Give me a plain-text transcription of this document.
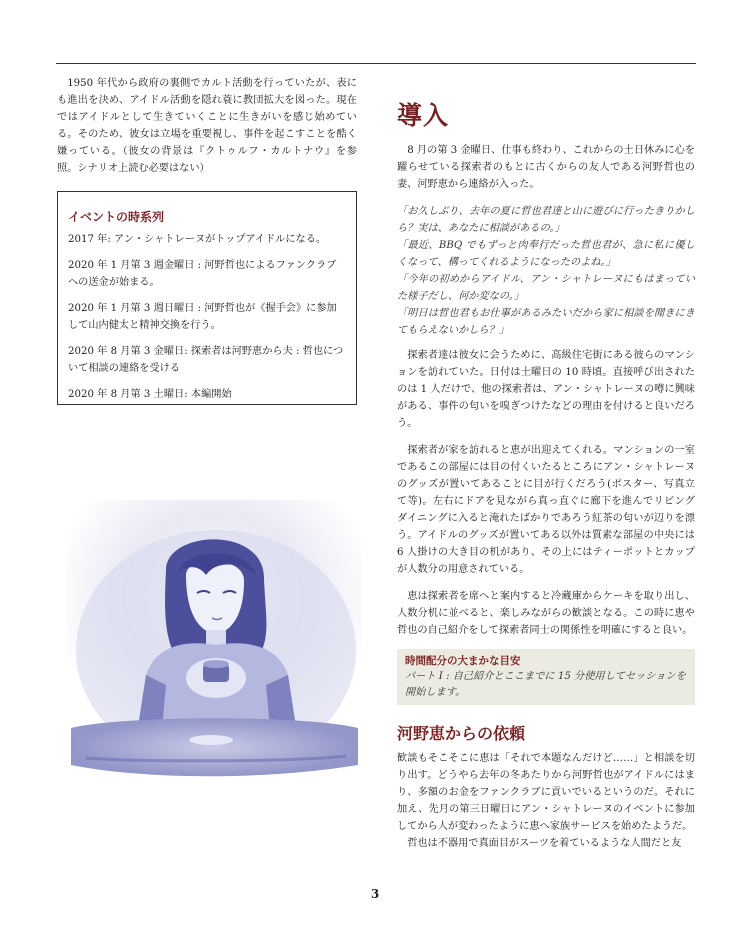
1950 年代から政府の裏側でカルト活動を行っていたが、表にも進出を決め、アイドル活動を隠れ蓑に教団拡大を図った。現在ではアイドルとして生きていくことに生きがいを感じ始めている。そのため、彼女は立場を重要視し、事件を起こすことを酷く嫌っている。（彼女の背景は『クトゥルフ・カルトナウ』を参照。シナリオ上読む必要はない）

イベントの時系列
2017 年: アン・シャトレーヌがトップアイドルになる。
2020 年 1 月第 3 週金曜日 : 河野哲也によるファンクラブへの送金が始まる。
2020 年 1 月第 3 週日曜日 : 河野哲也が《握手会》に参加して山内健太と精神交換を行う。
2020 年 8 月第 3 金曜日: 探索者は河野恵から夫 : 哲也について相談の連絡を受ける
2020 年 8 月第 3 土曜日: 本編開始
導入

8 月の第 3 金曜日、仕事も終わり、これからの土日休みに心を躍らせている探索者のもとに古くからの友人である河野哲也の妻、河野恵から連絡が入った。

「お久しぶり、去年の夏に哲也君達と山に遊びに行ったきりかしら？実は、あなたに相談があるの。」

「最近、BBQ でもずっと肉奉行だった哲也君が、急に私に優しくなって、構ってくれるようになったのよね。」

「今年の初めからアイドル、アン・シャトレーヌにもはまっていた様子だし、何か変なの。」

「明日は哲也君もお仕事があるみたいだから家に相談を聞きにきてもらえないかしら？」

探索者達は彼女に会うために、高級住宅街にある彼らのマンションを訪れていた。日付は土曜日の 10 時頃。直接呼び出されたのは 1 人だけで、他の探索者は、アン・シャトレーヌの噂に興味がある、事件の匂いを嗅ぎつけたなどの理由を付けると良いだろう。

探索者が家を訪れると恵が出迎えてくれる。マンションの一室であるこの部屋には目の付くいたるところにアン・シャトレーヌのグッズが置いてあることに目が行くだろう(ポスター、写真立て等)。左右にドアを見ながら真っ直ぐに廊下を進んでリビングダイニングに入ると淹れたばかりであろう紅茶の匂いが辺りを漂う。アイドルのグッズが置いてある以外は質素な部屋の中央には 6 人掛けの大き目の机があり、その上にはティーポットとカップが人数分の用意されている。

恵は探索者を席へと案内すると冷蔵庫からケーキを取り出し、人数分机に並べると、楽しみながらの歓談となる。この時に恵や哲也の自己紹介をして探索者同士の関係性を明確にすると良い。

時間配分の大まかな目安
パート I : 自己紹介とここまでに 15 分使用してセッションを開始します。
河野恵からの依頼

歓談もそこそこに恵は「それで本題なんだけど……」と相談を切り出す。どうやら去年の冬あたりから河野哲也がアイドルにはまり、多額のお金をファンクラブに貢いでいるというのだ。それに加え、先月の第三日曜日にアン・シャトレーヌのイベントに参加してから人が変わったように恵へ家族サービスを始めたようだ。

哲也は不器用で真面目がスーツを着ているような人間だと友

3
